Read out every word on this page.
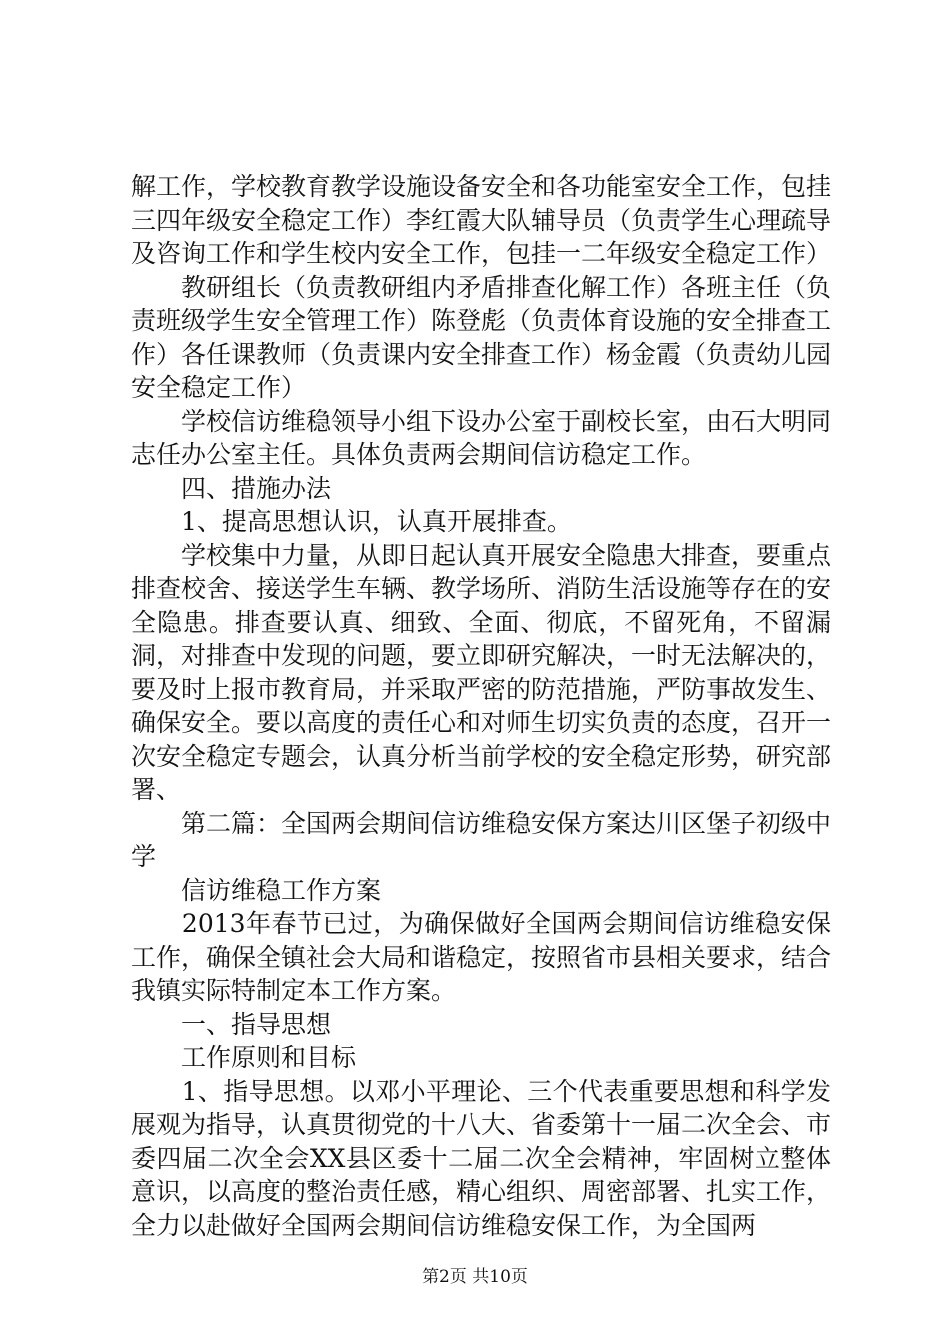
解工作，学校教育教学设施设备安全和各功能室安全工作，包挂三四年级安全稳定工作）李红霞大队辅导员（负责学生心理疏导及咨询工作和学生校内安全工作，包挂一二年级安全稳定工作）

　　教研组长（负责教研组内矛盾排查化解工作）各班主任（负责班级学生安全管理工作）陈登彪（负责体育设施的安全排查工作）各任课教师（负责课内安全排查工作）杨金霞（负责幼儿园安全稳定工作）

　　学校信访维稳领导小组下设办公室于副校长室，由石大明同志任办公室主任。具体负责两会期间信访稳定工作。

　　四、措施办法

　　1、提高思想认识，认真开展排查。

　　学校集中力量，从即日起认真开展安全隐患大排查，要重点排查校舍、接送学生车辆、教学场所、消防生活设施等存在的安全隐患。排查要认真、细致、全面、彻底，不留死角，不留漏洞，对排查中发现的问题，要立即研究解决，一时无法解决的，要及时上报市教育局，并采取严密的防范措施，严防事故发生、确保安全。要以高度的责任心和对师生切实负责的态度，召开一次安全稳定专题会，认真分析当前学校的安全稳定形势，研究部署、

　　第二篇：全国两会期间信访维稳安保方案达川区堡子初级中学

　　信访维稳工作方案

　　2013年春节已过，为确保做好全国两会期间信访维稳安保工作，确保全镇社会大局和谐稳定，按照省市县相关要求，结合我镇实际特制定本工作方案。

　　一、指导思想

　　工作原则和目标

　　1、指导思想。以邓小平理论、三个代表重要思想和科学发展观为指导，认真贯彻党的十八大、省委第十一届二次全会、市委四届二次全会XX县区委十二届二次全会精神，牢固树立整体意识，以高度的整治责任感，精心组织、周密部署、扎实工作，全力以赴做好全国两会期间信访维稳安保工作，为全国两

第2页 共10页
